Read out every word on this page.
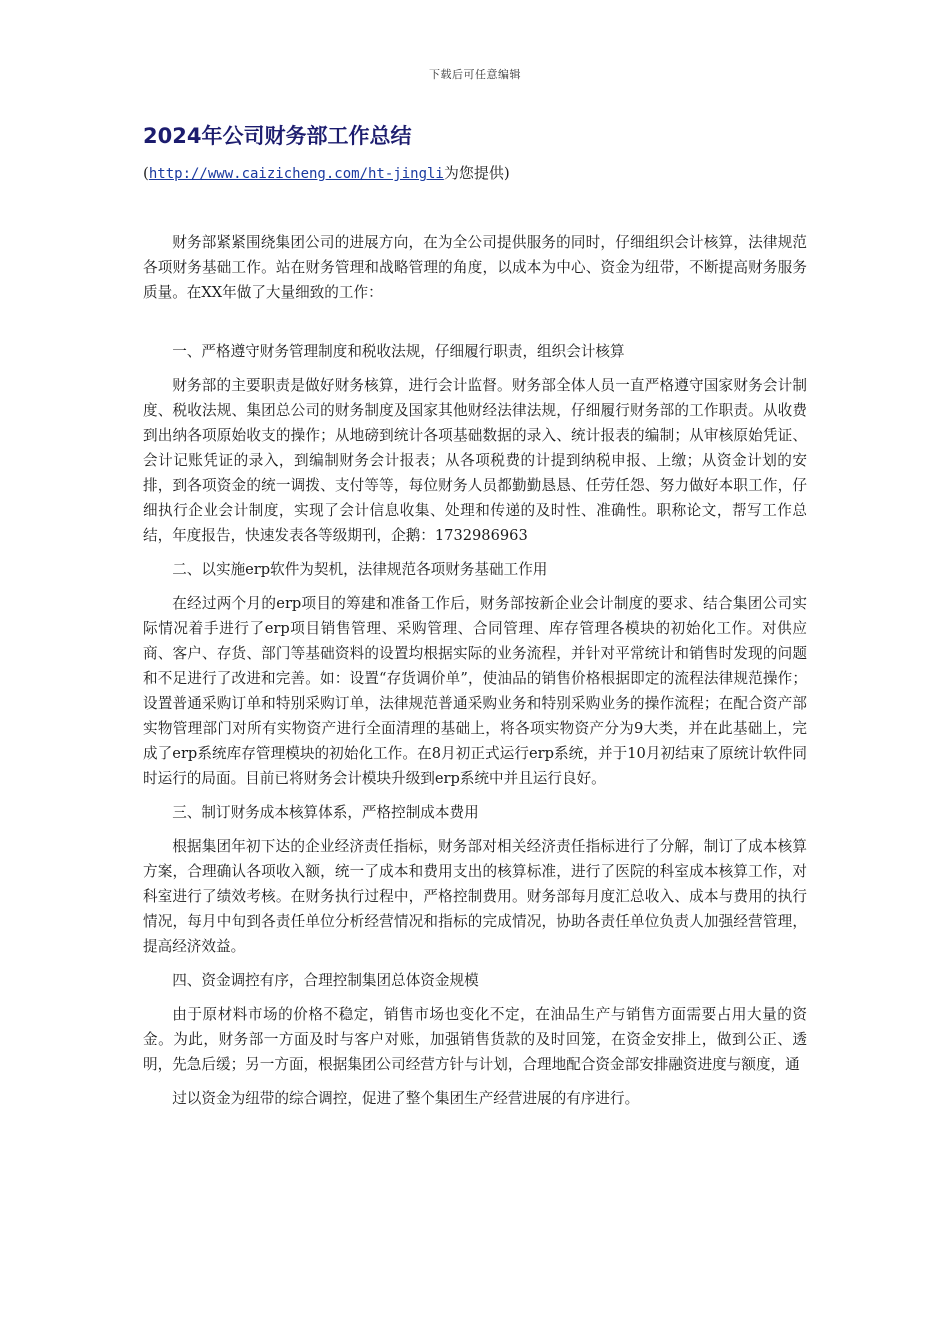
下载后可任意编辑
2024年公司财务部工作总结
(http://www.caizicheng.com/ht-jingli为您提供)

财务部紧紧围绕集团公司的进展方向，在为全公司提供服务的同时，仔细组织会计核算，法律规范各项财务基础工作。站在财务管理和战略管理的角度，以成本为中心、资金为纽带，不断提高财务服务质量。在XX年做了大量细致的工作：

一、严格遵守财务管理制度和税收法规，仔细履行职责，组织会计核算

财务部的主要职责是做好财务核算，进行会计监督。财务部全体人员一直严格遵守国家财务会计制度、税收法规、集团总公司的财务制度及国家其他财经法律法规，仔细履行财务部的工作职责。从收费到出纳各项原始收支的操作；从地磅到统计各项基础数据的录入、统计报表的编制；从审核原始凭证、会计记账凭证的录入，到编制财务会计报表；从各项税费的计提到纳税申报、上缴；从资金计划的安排，到各项资金的统一调拨、支付等等，每位财务人员都勤勤恳恳、任劳任怨、努力做好本职工作，仔细执行企业会计制度，实现了会计信息收集、处理和传递的及时性、准确性。职称论文，帮写工作总结，年度报告，快速发表各等级期刊，企鹅：1732986963

二、以实施erp软件为契机，法律规范各项财务基础工作用

在经过两个月的erp项目的筹建和准备工作后，财务部按新企业会计制度的要求、结合集团公司实际情况着手进行了erp项目销售管理、采购管理、合同管理、库存管理各模块的初始化工作。对供应商、客户、存货、部门等基础资料的设置均根据实际的业务流程，并针对平常统计和销售时发现的问题和不足进行了改进和完善。如：设置“存货调价单”，使油品的销售价格根据即定的流程法律规范操作；设置普通采购订单和特别采购订单，法律规范普通采购业务和特别采购业务的操作流程；在配合资产部实物管理部门对所有实物资产进行全面清理的基础上，将各项实物资产分为9大类，并在此基础上，完成了erp系统库存管理模块的初始化工作。在8月初正式运行erp系统，并于10月初结束了原统计软件同时运行的局面。目前已将财务会计模块升级到erp系统中并且运行良好。

三、制订财务成本核算体系，严格控制成本费用

根据集团年初下达的企业经济责任指标，财务部对相关经济责任指标进行了分解，制订了成本核算方案，合理确认各项收入额，统一了成本和费用支出的核算标准，进行了医院的科室成本核算工作，对科室进行了绩效考核。在财务执行过程中，严格控制费用。财务部每月度汇总收入、成本与费用的执行情况，每月中旬到各责任单位分析经营情况和指标的完成情况，协助各责任单位负责人加强经营管理，提高经济效益。

四、资金调控有序，合理控制集团总体资金规模

由于原材料市场的价格不稳定，销售市场也变化不定，在油品生产与销售方面需要占用大量的资金。为此，财务部一方面及时与客户对账，加强销售货款的及时回笼，在资金安排上，做到公正、透明，先急后缓；另一方面，根据集团公司经营方针与计划，合理地配合资金部安排融资进度与额度，通

过以资金为纽带的综合调控，促进了整个集团生产经营进展的有序进行。
